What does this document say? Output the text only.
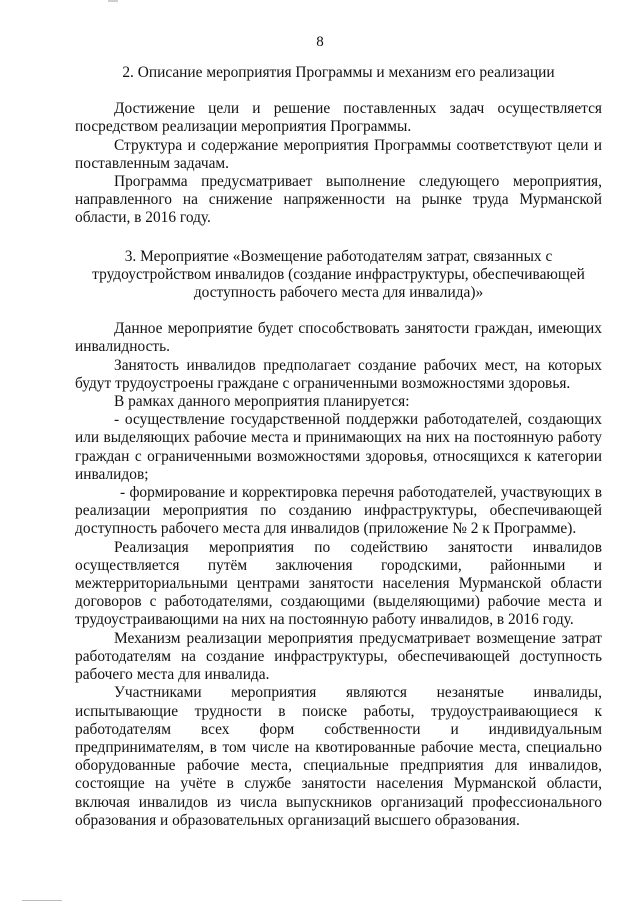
8
2. Описание мероприятия Программы и механизм его реализации

Достижение цели и решение поставленных задач осуществляется посредством реализации мероприятия Программы.

Структура и содержание мероприятия Программы соответствуют цели и поставленным задачам.

Программа предусматривает выполнение следующего мероприятия, направленного на снижение напряженности на рынке труда Мурманской области, в 2016 году.

3. Мероприятие «Возмещение работодателям затрат, связанных с трудоустройством инвалидов (создание инфраструктуры, обеспечивающей доступность рабочего места для инвалида)»

Данное мероприятие будет способствовать занятости граждан, имеющих инвалидность.

Занятость инвалидов предполагает создание рабочих мест, на которых будут трудоустроены граждане с ограниченными возможностями здоровья.

В рамках данного мероприятия планируется:

- осуществление государственной поддержки работодателей, создающих или выделяющих рабочие места и принимающих на них на постоянную работу граждан с ограниченными возможностями здоровья, относящихся к категории инвалидов;

- формирование и корректировка перечня работодателей, участвующих в реализации мероприятия по созданию инфраструктуры, обеспечивающей доступность рабочего места для инвалидов (приложение № 2 к Программе).

Реализация мероприятия по содействию занятости инвалидов осуществляется путём заключения городскими, районными и межтерриториальными центрами занятости населения Мурманской области договоров с работодателями, создающими (выделяющими) рабочие места и трудоустраивающими на них на постоянную работу инвалидов, в 2016 году.

Механизм реализации мероприятия предусматривает возмещение затрат работодателям на создание инфраструктуры, обеспечивающей доступность рабочего места для инвалида.

Участниками мероприятия являются незанятые инвалиды, испытывающие трудности в поиске работы, трудоустраивающиеся к работодателям всех форм собственности и индивидуальным предпринимателям, в том числе на квотированные рабочие места, специально оборудованные рабочие места, специальные предприятия для инвалидов, состоящие на учёте в службе занятости населения Мурманской области, включая инвалидов из числа выпускников организаций профессионального образования и образовательных организаций высшего образования.
